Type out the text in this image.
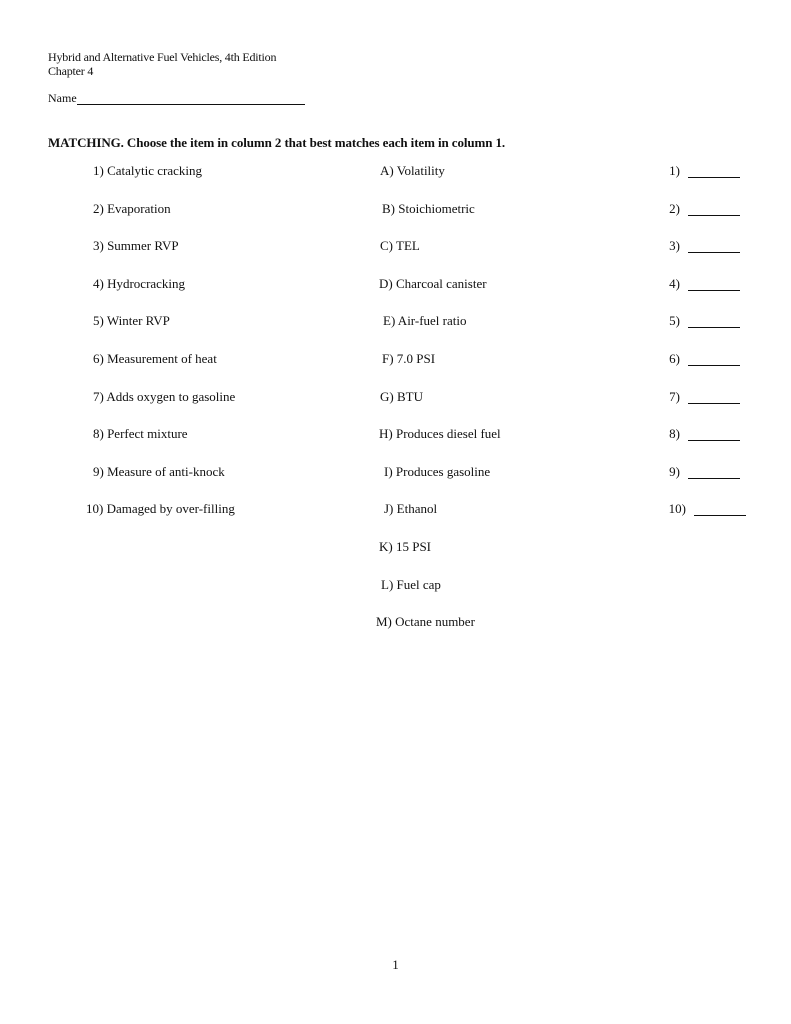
Hybrid and Alternative Fuel Vehicles, 4th Edition
Chapter 4
Name
MATCHING. Choose the item in column 2 that best matches each item in column 1.
1) Catalytic cracking
2) Evaporation
3) Summer RVP
4) Hydrocracking
5) Winter RVP
6) Measurement of heat
7) Adds oxygen to gasoline
8) Perfect mixture
9) Measure of anti-knock
10) Damaged by over-filling
A) Volatility
B) Stoichiometric
C) TEL
D) Charcoal canister
E) Air-fuel ratio
F) 7.0 PSI
G) BTU
H) Produces diesel fuel
I) Produces gasoline
J) Ethanol
K) 15 PSI
L) Fuel cap
M) Octane number
1)
2)
3)
4)
5)
6)
7)
8)
9)
10)
1
